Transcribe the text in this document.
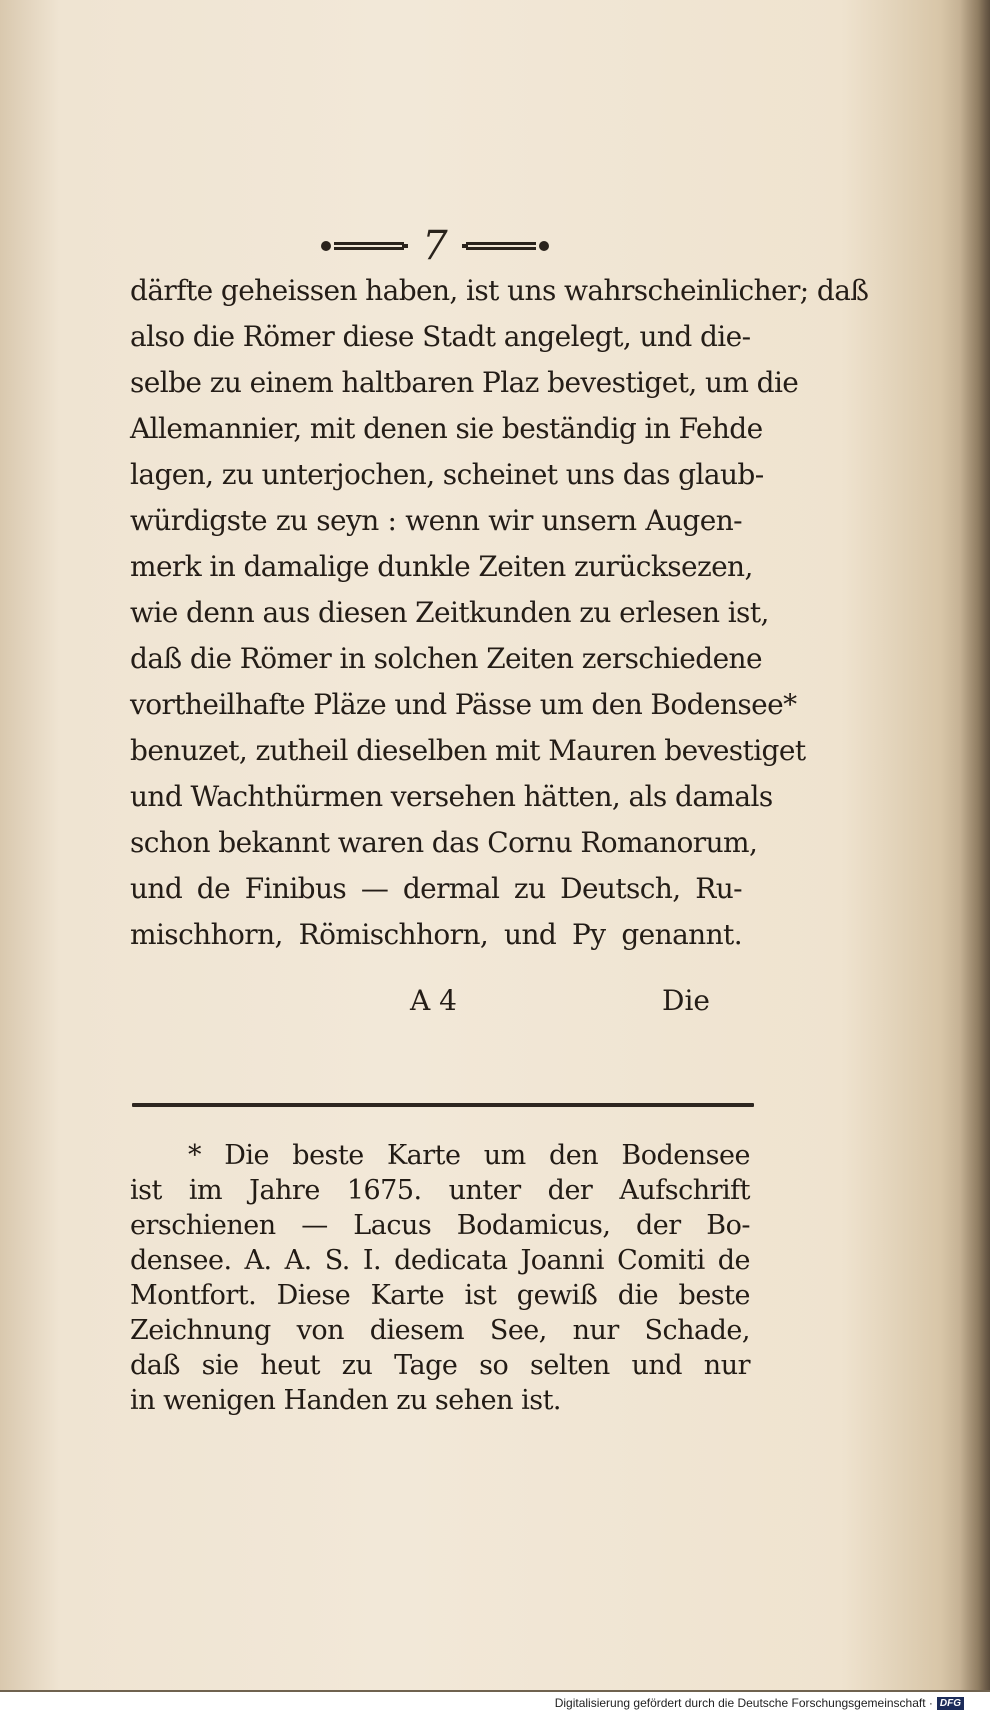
7
därfte geheissen haben, ist uns wahrscheinlicher; daß
also die Römer diese Stadt angelegt, und die-
selbe zu einem haltbaren Plaz bevestiget, um die
Allemannier, mit denen sie beständig in Fehde
lagen, zu unterjochen, scheinet uns das glaub-
würdigste zu seyn : wenn wir unsern Augen-
merk in damalige dunkle Zeiten zurücksezen,
wie denn aus diesen Zeitkunden zu erlesen ist,
daß die Römer in solchen Zeiten zerschiedene
vortheilhafte Pläze und Pässe um den Bodensee*
benuzet, zutheil dieselben mit Mauren bevestiget
und Wachthürmen versehen hätten, als damals
schon bekannt waren das Cornu Romanorum,
und de Finibus — dermal zu Deutsch, Ru-
mischhorn, Römischhorn, und Py genannt.
A 4	Die
* Die beste Karte um den Bodensee
ist im Jahre 1675. unter der Aufschrift
erschienen — Lacus Bodamicus, der Bo-
densee. A. A. S. I. dedicata Joanni Comiti de
Montfort. Diese Karte ist gewiß die beste
Zeichnung von diesem See, nur Schade,
daß sie heut zu Tage so selten und nur
in wenigen Handen zu sehen ist.
Digitalisierung gefördert durch die Deutsche Forschungsgemeinschaft · DFG
